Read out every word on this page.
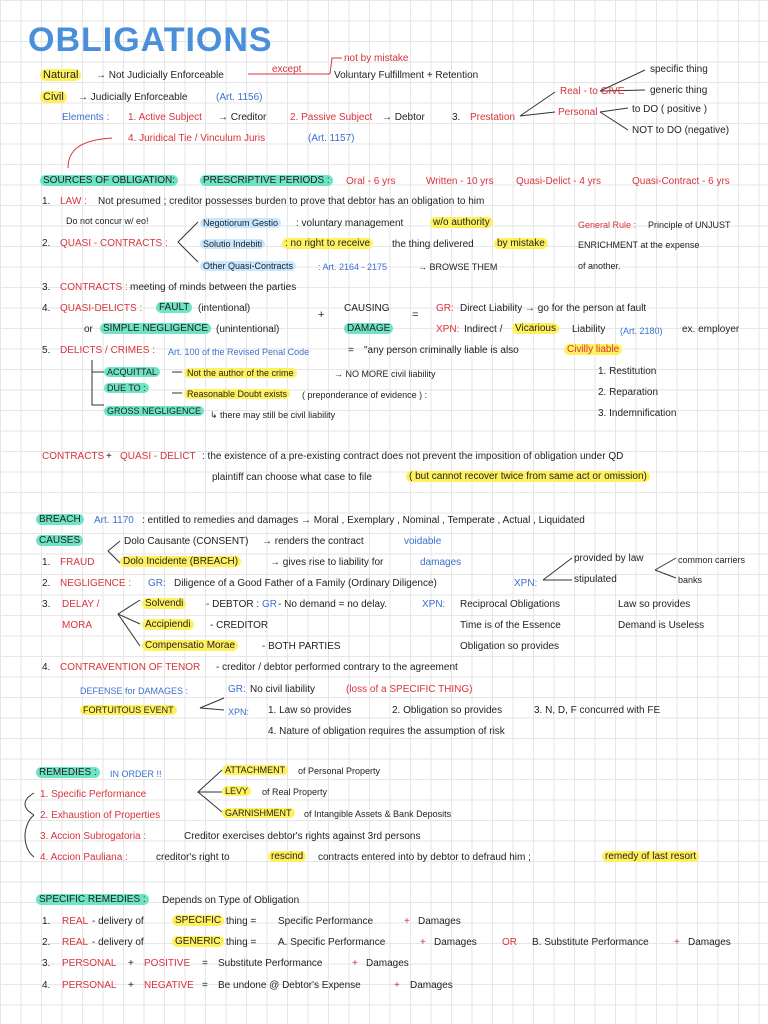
OBLIGATIONS	not by mistake
except
Natural	→ Not Judicially Enforceable	Voluntary Fulfillment + Retention
Civil	→ Judicially Enforceable	(Art. 1156)
Elements : 1. Active Subject → Creditor 2. Passive Subject → Debtor	3. Prestation
4. Juridical Tie / Vinculum Juris	(Art. 1157)
Real - to GIVE
Personal
specific thing
generic thing
to DO ( positive )
NOT to DO (negative)
SOURCES OF OBLIGATION:	PRESCRIPTIVE PERIODS :	Oral - 6 yrs	Written - 10 yrs Quasi-Delict - 4 yrs	Quasi-Contract - 6 yrs
1. LAW : Not presumed ; creditor possesses burden to prove that debtor has an obligation to him
Do not concur w/ eo!	Negotiorum Gestio	: voluntary management	w/o authority
2. QUASI - CONTRACTS :	Solutio Indebiti	: no right to receive	the thing delivered	by mistake
Other Quasi-Contracts	: Art. 2164 - 2175	→ BROWSE THEM
General Rule : Principle of UNJUST
ENRICHMENT at the expense
of another.
3. CONTRACTS : meeting of minds between the parties
4. QUASI-DELICTS :	FAULT (intentional)
+
CAUSING
DAMAGE
=
GR: Direct Liability → go for the person at fault
or	SIMPLE NEGLIGENCE (unintentional)	XPN: Indirect /	Vicarious	Liability (Art. 2180) ex. employer
5. DELICTS / CRIMES : Art. 100 of the Revised Penal Code	= "any person criminally liable is also	Civilly liable
ACQUITTAL
DUE TO :
Not the author of the crime	→ NO MORE civil liability
Reasonable Doubt exists	( preponderance of evidence ) :
GROSS NEGLIGENCE ↳ there may still be civil liability
1. Restitution
2. Reparation
3. Indemnification
CONTRACTS + QUASI - DELICT : the existence of a pre-existing contract does not prevent the imposition of obligation under QD
plaintiff can choose what case to file	( but cannot recover twice from same act or omission)
BREACH	Art. 1170 : entitled to remedies and damages → Moral , Exemplary , Nominal , Temperate , Actual , Liquidated
CAUSES	Dolo Causante (CONSENT) → renders the contract	voidable
1. FRAUD	Dolo Incidente (BREACH)	→ gives rise to liability for	damages
2. NEGLIGENCE : GR: Diligence of a Good Father of a Family (Ordinary Diligence)	XPN:
provided by law
stipulated
common carriers
banks
3. DELAY /
MORA
Solvendi	- DEBTOR : GR - No demand = no delay.	XPN: Reciprocal Obligations
Accipiendi	- CREDITOR	Time is of the Essence
Compensatio Morae	- BOTH PARTIES	Obligation so provides
Law so provides
Demand is Useless
4. CONTRAVENTION OF TENOR - creditor / debtor performed contrary to the agreement
DEFENSE for DAMAGES :
FORTUITOUS EVENT
GR: No civil liability	(loss of a SPECIFIC THING)
XPN: 1. Law so provides	2. Obligation so provides	3. N, D, F concurred with FE
4. Nature of obligation requires the assumption of risk
REMEDIES :	IN ORDER !!	ATTACHMENT	of Personal Property
LEVY	of Real Property
GARNISHMENT	of Intangible Assets & Bank Deposits
1. Specific Performance
2. Exhaustion of Properties
3. Accion Subrogatoria :	Creditor exercises debtor's rights against 3rd persons
4. Accion Pauliana :	creditor's right to	rescind	contracts entered into by debtor to defraud him ;	remedy of last resort
SPECIFIC REMEDIES :	Depends on Type of Obligation
1. REAL - delivery of	SPECIFIC thing = Specific Performance	+ Damages
2. REAL - delivery of	GENERIC thing = A. Specific Performance	+ Damages	OR B. Substitute Performance	+ Damages
3. PERSONAL + POSITIVE = Substitute Performance	+ Damages
4. PERSONAL + NEGATIVE = Be undone @ Debtor's Expense	+ Damages
